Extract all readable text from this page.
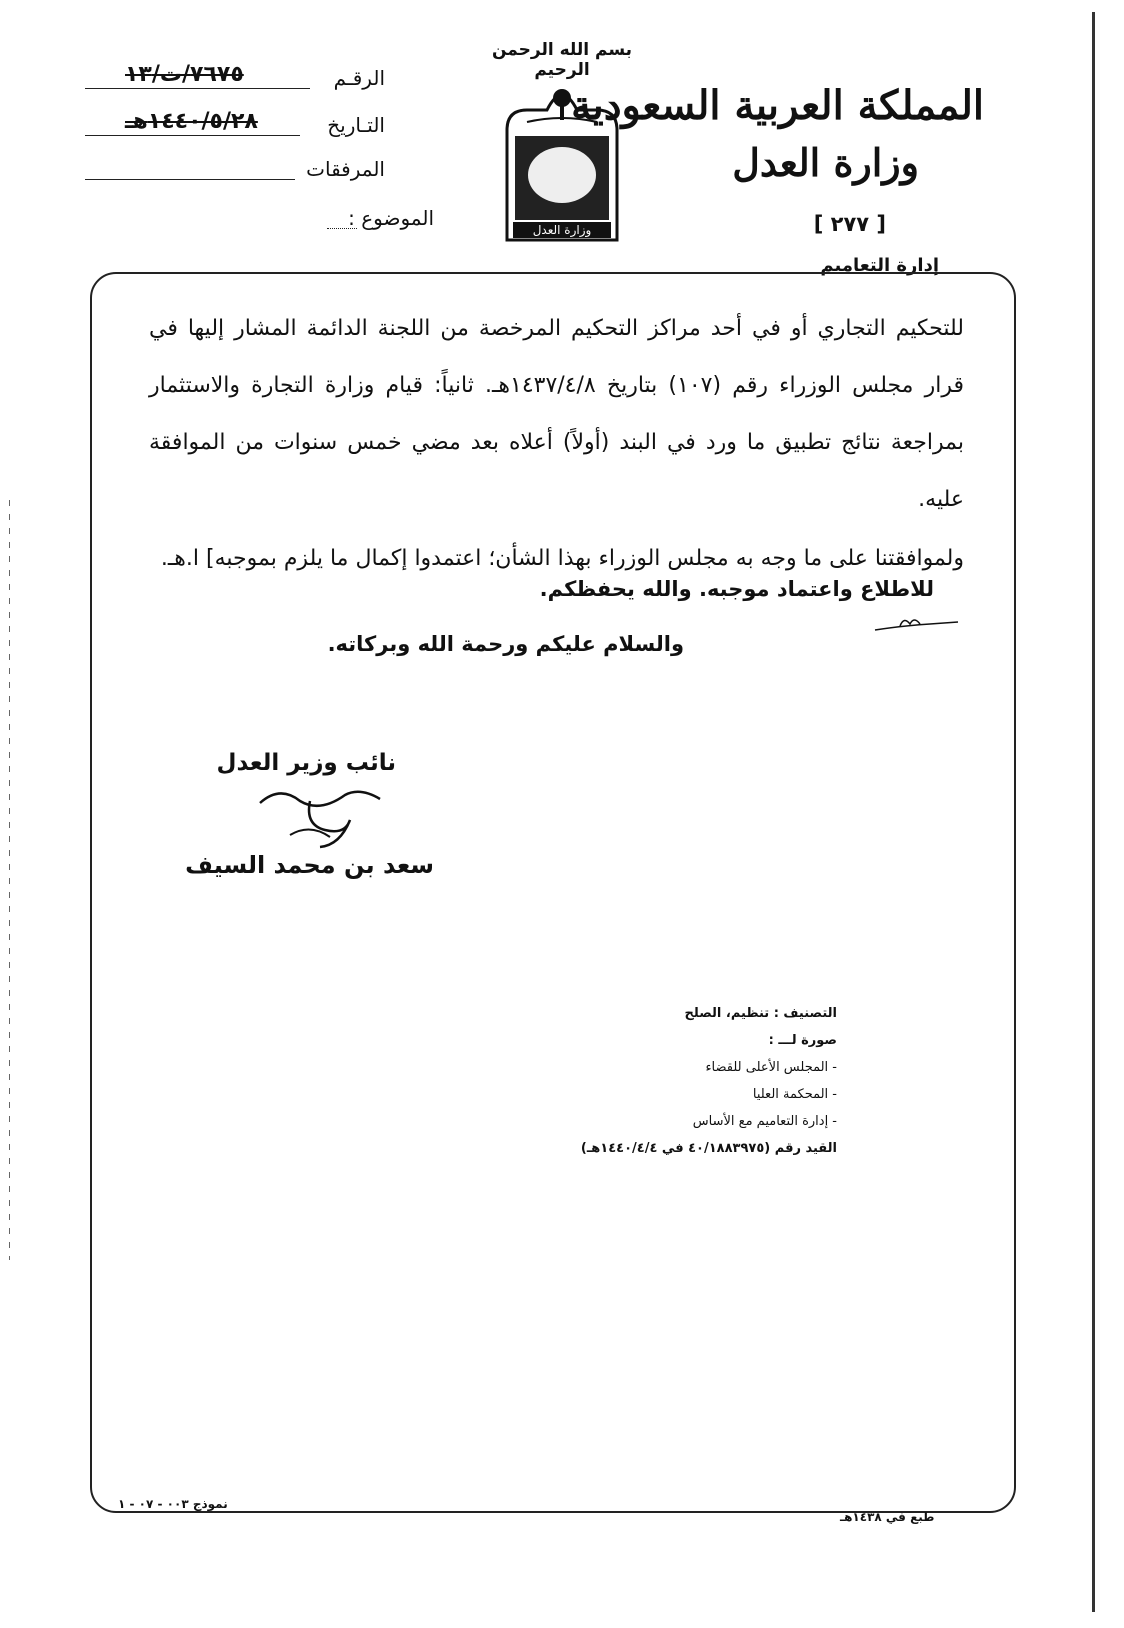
المملكة العربية السعودية
وزارة العدل
[ ٢٧٧ ]
إدارة التعاميم
بسم الله الرحمن الرحيم
وزارة العدل
الرقـم
٧٦٧٥/ت/١٣
التـاريخ
١٤٤٠/٥/٢٨هـ
المرفقات
الموضوع :

للتحكيم التجاري أو في أحد مراكز التحكيم المرخصة من اللجنة الدائمة المشار إليها في قرار مجلس الوزراء رقم (١٠٧) بتاريخ ١٤٣٧/٤/٨هـ. ثانياً: قيام وزارة التجارة والاستثمار بمراجعة نتائج تطبيق ما ورد في البند (أولاً) أعلاه بعد مضي خمس سنوات من الموافقة عليه.

ولموافقتنا على ما وجه به مجلس الوزراء بهذا الشأن؛ اعتمدوا إكمال ما يلزم بموجبه] ا.هـ.

للاطلاع واعتماد موجبه. والله يحفظكم.
والسلام عليكم ورحمة الله وبركاته.
نائب وزير العدل
سعد بن محمد السيف
التصنيف : تنظيم، الصلح
صورة لـــ :
- المجلس الأعلى للقضاء
- المحكمة العليا
- إدارة التعاميم مع الأساس
القيد رقم (٤٠/١٨٨٣٩٧٥ في ١٤٤٠/٤/٤هـ)
نموذج ٠٠٣ - ٠٧ - ١
طبع في ١٤٣٨هـ
